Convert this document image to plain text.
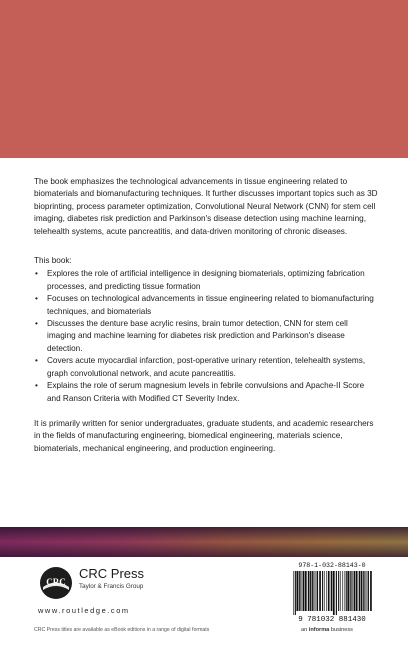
The book emphasizes the technological advancements in tissue engineering related to biomaterials and biomanufacturing techniques. It further discusses important topics such as 3D bioprinting, process parameter optimization, Convolutional Neural Network (CNN) for stem cell imaging, diabetes risk prediction and Parkinson's disease detection using machine learning, telehealth systems, acute pancreatitis, and data-driven monitoring of chronic diseases.

This book:

• Explores the role of artificial intelligence in designing biomaterials, optimizing fabrication processes, and predicting tissue formation
• Focuses on technological advancements in tissue engineering related to biomanufacturing techniques, and biomaterials
• Discusses the denture base acrylic resins, brain tumor detection, CNN for stem cell imaging and machine learning for diabetes risk prediction and Parkinson's disease detection.
• Covers acute myocardial infarction, post-operative urinary retention, telehealth systems, graph convolutional network, and acute pancreatitis.
• Explains the role of serum magnesium levels in febrile convulsions and Apache-II Score and Ranson Criteria with Modified CT Severity Index.

It is primarily written for senior undergraduates, graduate students, and academic researchers in the fields of manufacturing engineering, biomedical engineering, materials science, biomaterials, mechanical engineering, and production engineering.

CRC
CRC Press
Taylor & Francis Group
www.routledge.com
CRC Press titles are available as eBook editions in a range of digital formats	an informa business
978-1-032-88143-0
9 781032 881430
